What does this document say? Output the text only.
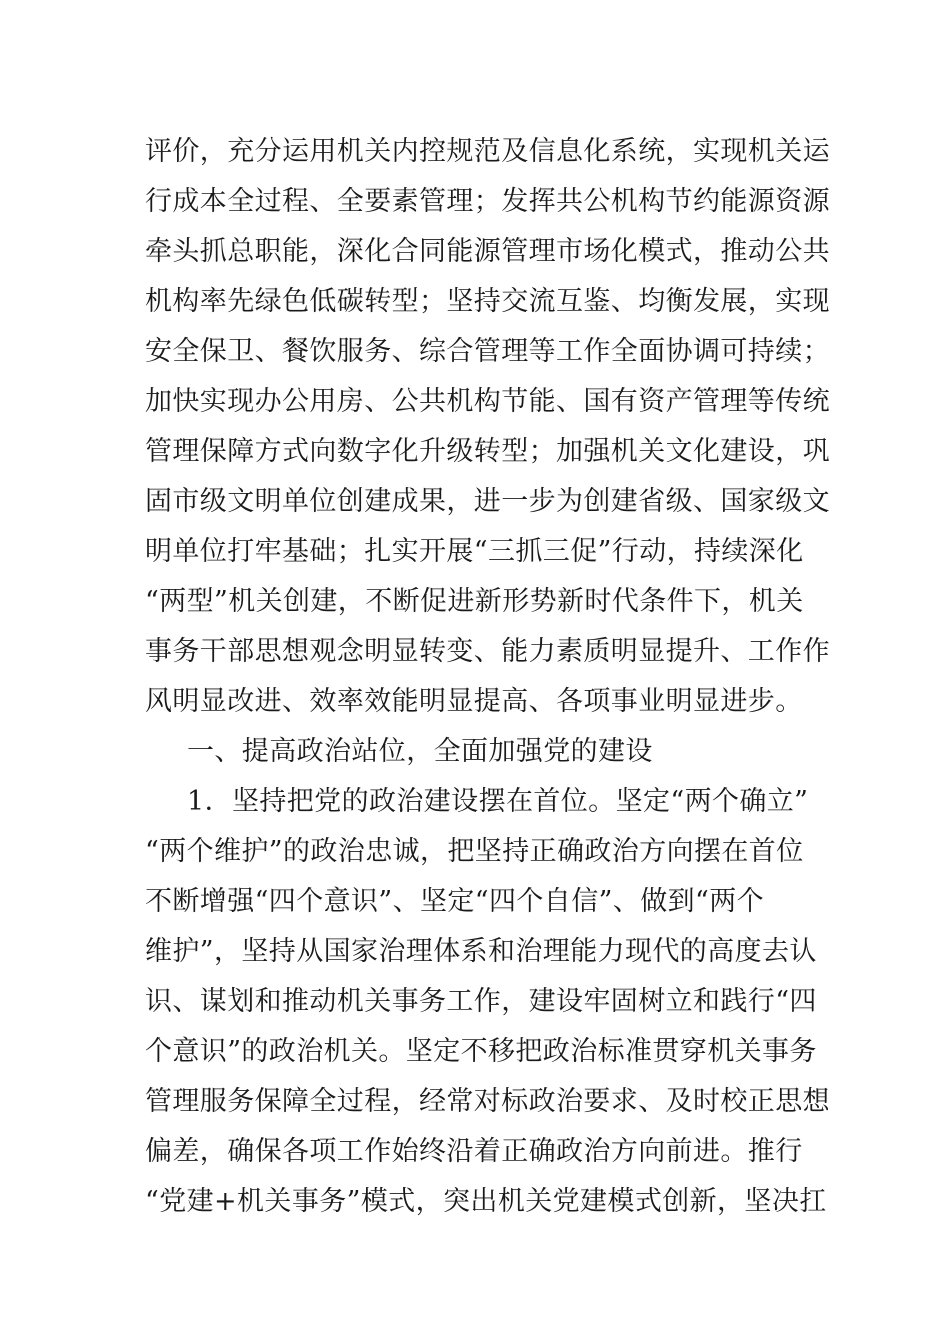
评价，充分运用机关内控规范及信息化系统，实现机关运
行成本全过程、全要素管理；发挥共公机构节约能源资源
牵头抓总职能，深化合同能源管理市场化模式，推动公共
机构率先绿色低碳转型；坚持交流互鉴、均衡发展，实现
安全保卫、餐饮服务、综合管理等工作全面协调可持续；
加快实现办公用房、公共机构节能、国有资产管理等传统
管理保障方式向数字化升级转型；加强机关文化建设，巩
固市级文明单位创建成果，进一步为创建省级、国家级文
明单位打牢基础；扎实开展“三抓三促”行动，持续深化
“两型”机关创建，不断促进新形势新时代条件下，机关
事务干部思想观念明显转变、能力素质明显提升、工作作
风明显改进、效率效能明显提高、各项事业明显进步。
一、提高政治站位，全面加强党的建设
1．坚持把党的政治建设摆在首位。坚定“两个确立”
“两个维护”的政治忠诚，把坚持正确政治方向摆在首位
不断增强“四个意识”、坚定“四个自信”、做到“两个
维护”，坚持从国家治理体系和治理能力现代的高度去认
识、谋划和推动机关事务工作，建设牢固树立和践行“四
个意识”的政治机关。坚定不移把政治标准贯穿机关事务
管理服务保障全过程，经常对标政治要求、及时校正思想
偏差，确保各项工作始终沿着正确政治方向前进。推行
“党建+机关事务”模式，突出机关党建模式创新，坚决扛
